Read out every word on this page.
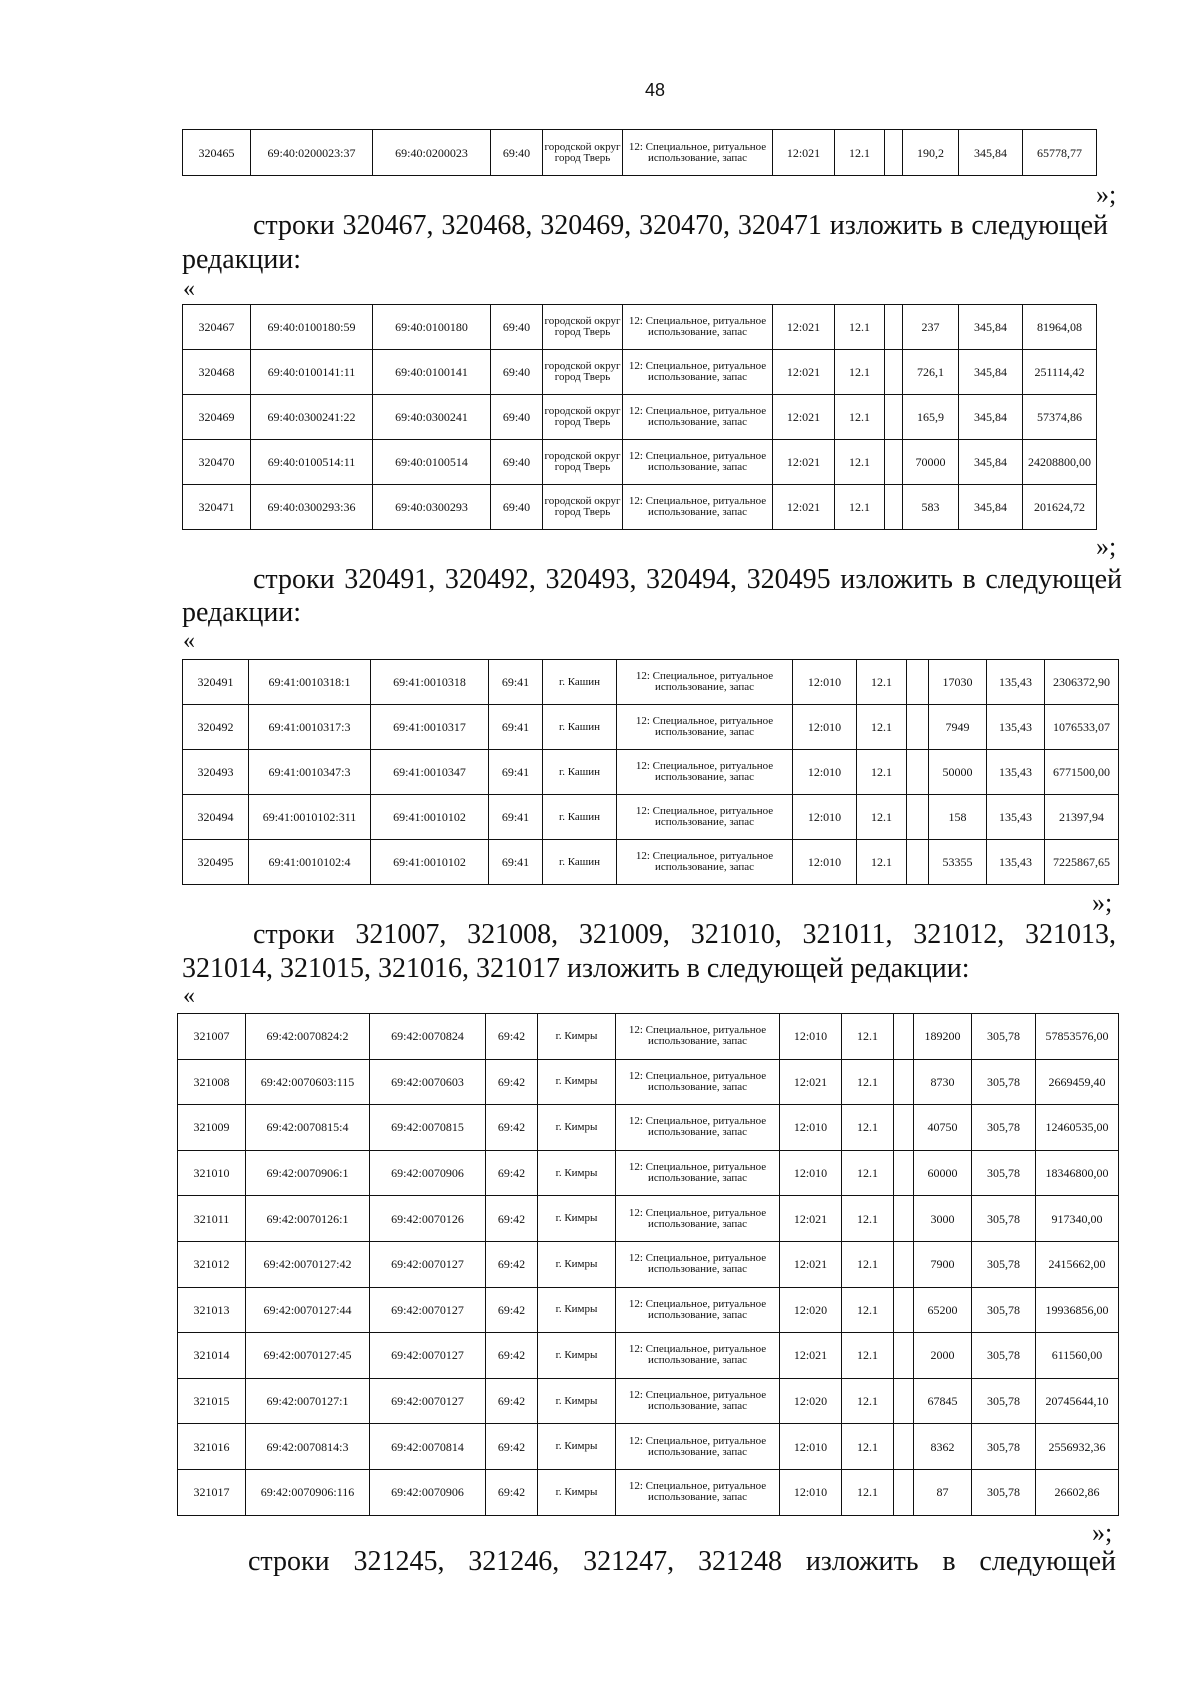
48
320465	69:40:0200023:37	69:40:0200023	69:40	городской округ город Тверь	12: Специальное, ритуальное использование, запас	12:021	12.1		190,2	345,84	65778,77
»;
строки 320467, 320468, 320469, 320470, 320471 изложить в следующей
редакции:
«
320467	69:40:0100180:59	69:40:0100180	69:40	городской округ город Тверь	12: Специальное, ритуальное использование, запас	12:021	12.1		237	345,84	81964,08
320468	69:40:0100141:11	69:40:0100141	69:40	городской округ город Тверь	12: Специальное, ритуальное использование, запас	12:021	12.1		726,1	345,84	251114,42
320469	69:40:0300241:22	69:40:0300241	69:40	городской округ город Тверь	12: Специальное, ритуальное использование, запас	12:021	12.1		165,9	345,84	57374,86
320470	69:40:0100514:11	69:40:0100514	69:40	городской округ город Тверь	12: Специальное, ритуальное использование, запас	12:021	12.1		70000	345,84	24208800,00
320471	69:40:0300293:36	69:40:0300293	69:40	городской округ город Тверь	12: Специальное, ритуальное использование, запас	12:021	12.1		583	345,84	201624,72
»;
строки 320491, 320492, 320493, 320494, 320495 изложить в следующей
редакции:
«
320491	69:41:0010318:1	69:41:0010318	69:41	г. Кашин	12: Специальное, ритуальное использование, запас	12:010	12.1		17030	135,43	2306372,90
320492	69:41:0010317:3	69:41:0010317	69:41	г. Кашин	12: Специальное, ритуальное использование, запас	12:010	12.1		7949	135,43	1076533,07
320493	69:41:0010347:3	69:41:0010347	69:41	г. Кашин	12: Специальное, ритуальное использование, запас	12:010	12.1		50000	135,43	6771500,00
320494	69:41:0010102:311	69:41:0010102	69:41	г. Кашин	12: Специальное, ритуальное использование, запас	12:010	12.1		158	135,43	21397,94
320495	69:41:0010102:4	69:41:0010102	69:41	г. Кашин	12: Специальное, ритуальное использование, запас	12:010	12.1		53355	135,43	7225867,65
»;
строки 321007, 321008, 321009, 321010, 321011, 321012, 321013,
321014, 321015, 321016, 321017 изложить в следующей редакции:
«
321007	69:42:0070824:2	69:42:0070824	69:42	г. Кимры	12: Специальное, ритуальное использование, запас	12:010	12.1		189200	305,78	57853576,00
321008	69:42:0070603:115	69:42:0070603	69:42	г. Кимры	12: Специальное, ритуальное использование, запас	12:021	12.1		8730	305,78	2669459,40
321009	69:42:0070815:4	69:42:0070815	69:42	г. Кимры	12: Специальное, ритуальное использование, запас	12:010	12.1		40750	305,78	12460535,00
321010	69:42:0070906:1	69:42:0070906	69:42	г. Кимры	12: Специальное, ритуальное использование, запас	12:010	12.1		60000	305,78	18346800,00
321011	69:42:0070126:1	69:42:0070126	69:42	г. Кимры	12: Специальное, ритуальное использование, запас	12:021	12.1		3000	305,78	917340,00
321012	69:42:0070127:42	69:42:0070127	69:42	г. Кимры	12: Специальное, ритуальное использование, запас	12:021	12.1		7900	305,78	2415662,00
321013	69:42:0070127:44	69:42:0070127	69:42	г. Кимры	12: Специальное, ритуальное использование, запас	12:020	12.1		65200	305,78	19936856,00
321014	69:42:0070127:45	69:42:0070127	69:42	г. Кимры	12: Специальное, ритуальное использование, запас	12:021	12.1		2000	305,78	611560,00
321015	69:42:0070127:1	69:42:0070127	69:42	г. Кимры	12: Специальное, ритуальное использование, запас	12:020	12.1		67845	305,78	20745644,10
321016	69:42:0070814:3	69:42:0070814	69:42	г. Кимры	12: Специальное, ритуальное использование, запас	12:010	12.1		8362	305,78	2556932,36
321017	69:42:0070906:116	69:42:0070906	69:42	г. Кимры	12: Специальное, ритуальное использование, запас	12:010	12.1		87	305,78	26602,86
»;
строки 321245, 321246, 321247, 321248 изложить в следующей
